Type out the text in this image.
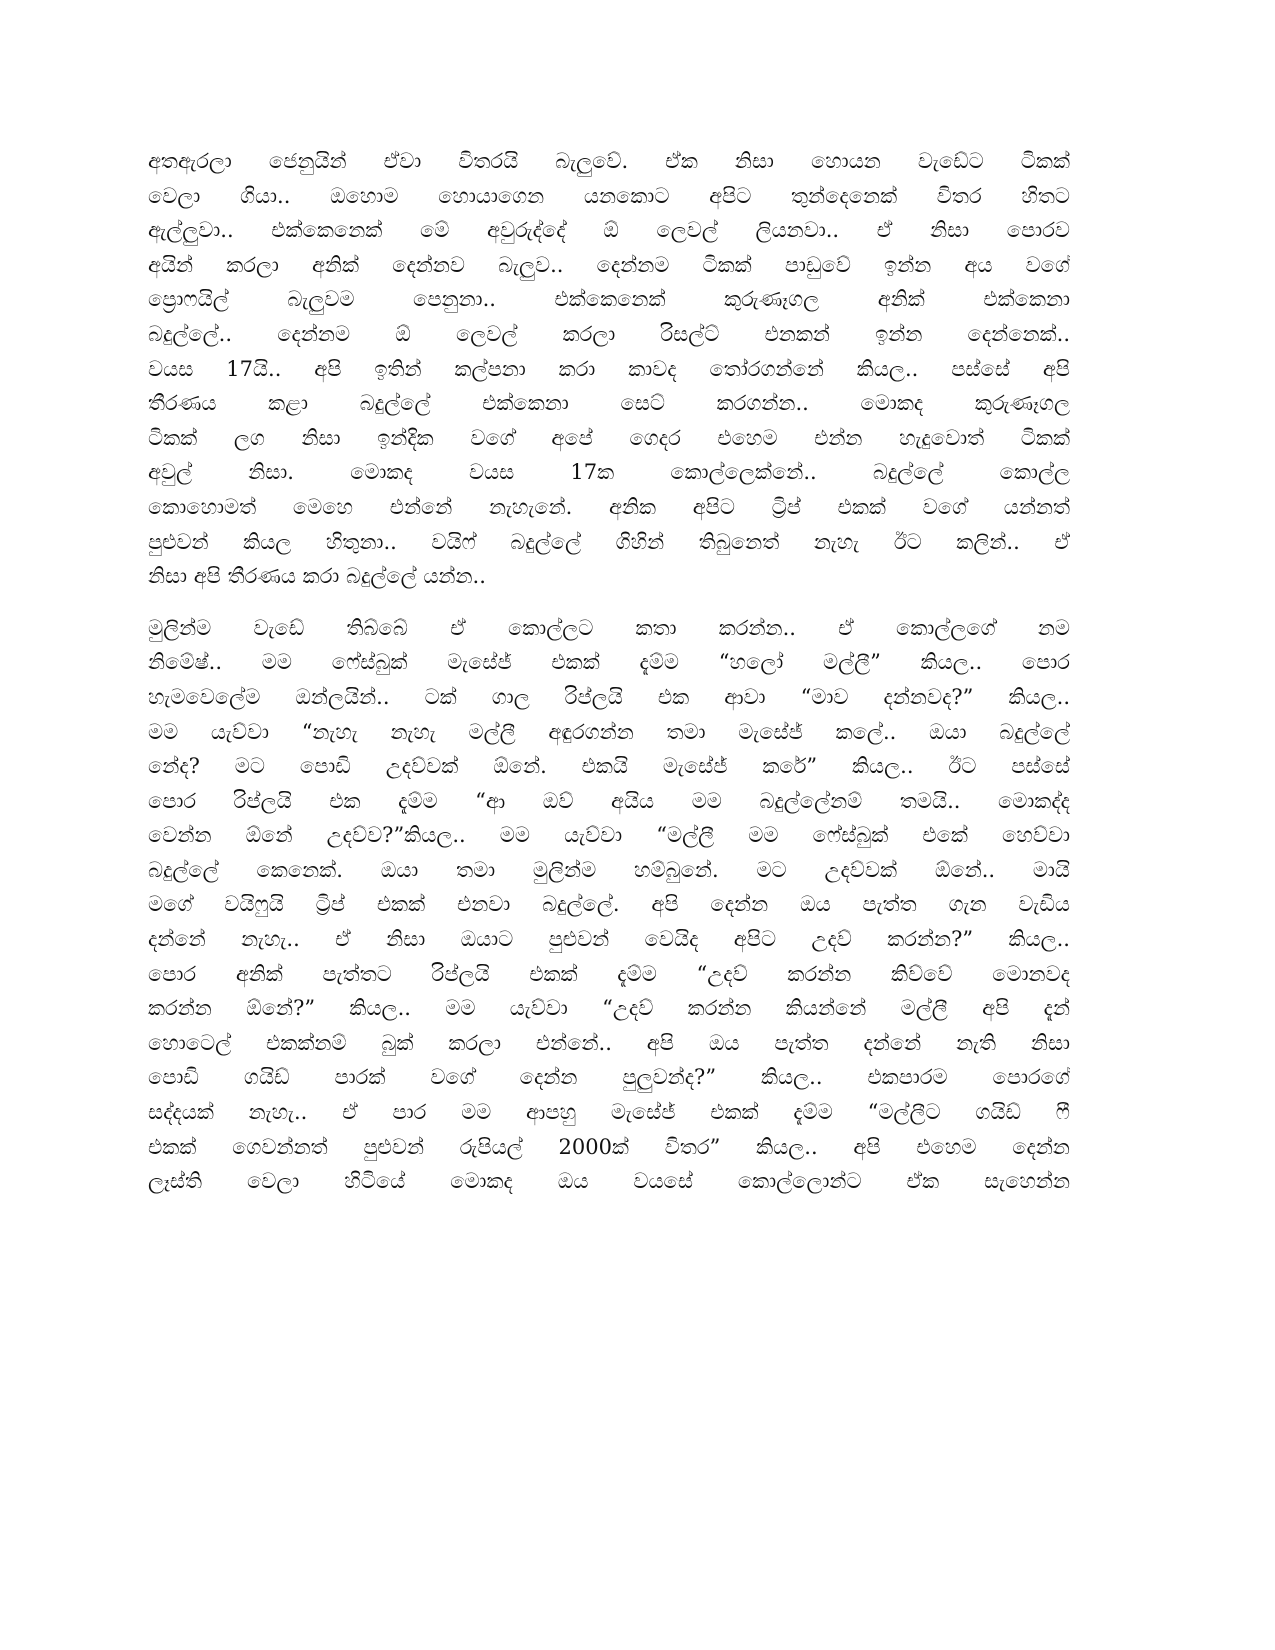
අතඇරලා ජෙනුයින් ඒවා විතරයි බැලුවේ. ඒක නිසා හොයන වැඩේට ටිකක්
වෙලා ගියා.. ඔහොම හොයාගෙන යනකොට අපිට තුන්දෙනෙක් විතර හිතට
ඇල්ලුවා.. එක්කෙනෙක් මේ අවුරුද්දේ ඕ ලෙවල් ලියනවා.. ඒ නිසා පොරව
අයින් කරලා අනික් දෙන්නව බැලුව.. දෙන්නම ටිකක් පාඩුවේ ඉන්න අය වගේ
ප්‍රොෆයිල් බැලුවම පෙනුනා.. එක්කෙනෙක් කුරුණෑගල අනික් එක්කෙනා
බදුල්ලේ.. දෙන්නම ඕ ලෙවල් කරලා රිසල්ට් එනකන් ඉන්න දෙන්නෙක්..
වයස 17යි.. අපි ඉතින් කල්පනා කරා කාවද තෝරගන්නේ කියල.. පස්සේ අපි
තීරණය කළා බදුල්ලේ එක්කෙනා සෙට් කරගන්න.. මොකද කුරුණෑගල
ටිකක් ලග නිසා ඉන්දික වගේ අපේ ගෙදර එහෙම එන්න හැදුවොත් ටිකක්
අවුල් නිසා. මොකද වයස 17ක කොල්ලෙක්නේ.. බදුල්ලේ කොල්ල
කොහොමත් මෙහෙ එන්නේ නැහැනේ. අනික අපිට ට්‍රිප් එකක් වගේ යන්නත්
පුළුවන් කියල හිතුනා.. වයිෆ් බදුල්ලේ ගිහින් තිබුනෙත් නැහැ ඊට කලින්.. ඒ
නිසා අපි තීරණය කරා බදුල්ලේ යන්න..
මුලින්ම වැඩේ තිබ්බේ ඒ කොල්ලට කතා කරන්න.. ඒ කොල්ලගේ නම
නිමේෂ්.. මම ෆේස්බුක් මැසේජ් එකක් දැම්ම “හලෝ මල්ලී” කියල.. පොර
හැමවෙලේම ඔන්ලයින්.. ටක් ගාල රිප්ලයි එක ආවා “මාව දන්නවද?” කියල..
මම යැව්වා “නැහැ නැහැ මල්ලී අඳුරගන්න තමා මැසේජ් කලේ.. ඔයා බදුල්ලේ
නේද? මට පොඩි උදව්වක් ඕනේ. එකයි මැසේජ් කරේ” කියල.. ඊට පස්සේ
පොර රිප්ලයි එක දැම්ම “ආ ඔව් අයිය මම බදුල්ලේනම් තමයි.. මොකද්ද
වෙන්න ඕනේ උදව්ව?”කියල.. මම යැව්වා “මල්ලී මම ෆේස්බුක් එකේ හෙව්වා
බදුල්ලේ කෙනෙක්. ඔයා තමා මුලින්ම හම්බුනේ. මට උදව්වක් ඕනේ.. මායි
මගේ වයිෆුයි ට්‍රිප් එකක් එනවා බදුල්ලේ. අපි දෙන්න ඔය පැත්ත ගැන වැඩිය
දන්නේ නැහැ.. ඒ නිසා ඔයාට පුළුවන් වෙයිද අපිට උදව් කරන්න?” කියල..
පොර අනික් පැත්තට රිප්ලයි එකක් දැම්ම “උදව් කරන්න කිව්වේ මොනවද
කරන්න ඕනේ?” කියල.. මම යැව්වා “උදව් කරන්න කියන්නේ මල්ලී අපි දැන්
හොටෙල් එකක්නම් බුක් කරලා එන්නේ.. අපි ඔය පැත්ත දන්නේ නැති නිසා
පොඩි ගයිඩ් පාරක් වගේ දෙන්න පුලුවන්ද?” කියල.. එකපාරම පොරගේ
සද්දයක් නැහැ.. ඒ පාර මම ආපහු මැසේජ් එකක් දැම්ම “මල්ලීට ගයිඩ් ෆී
එකක් ගෙවන්නත් පුළුවන් රුපියල් 2000ක් විතර” කියල.. අපි එහෙම දෙන්න
ලෑස්ති වෙලා හිටියේ මොකද ඔය වයසේ කොල්ලොන්ට ඒක සැහෙන්න
